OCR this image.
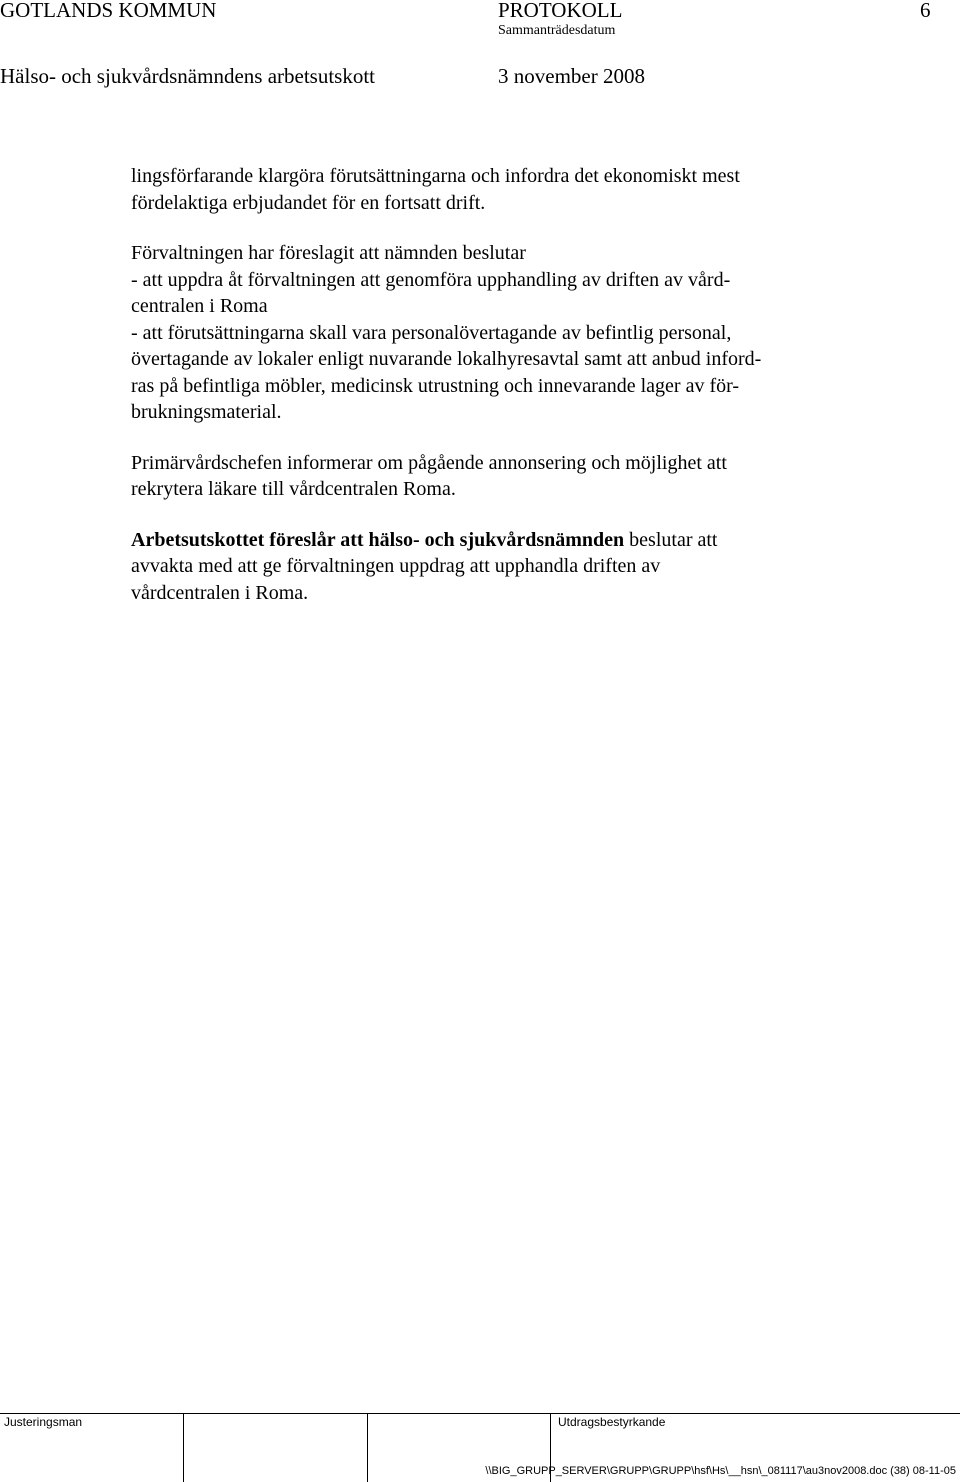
GOTLANDS KOMMUN	PROTOKOLL	6
Sammanträdesdatum
Hälso- och sjukvårdsnämndens arbetsutskott	3 november 2008

lingsförfarande klargöra förutsättningarna och infordra det ekonomiskt mest
fördelaktiga erbjudandet för en fortsatt drift.

Förvaltningen har föreslagit att nämnden beslutar
- att uppdra åt förvaltningen att genomföra upphandling av driften av vård-
centralen i Roma
- att förutsättningarna skall vara personalövertagande av befintlig personal,
övertagande av lokaler enligt nuvarande lokalhyresavtal samt att anbud inford-
ras på befintliga möbler, medicinsk utrustning och innevarande lager av för-
brukningsmaterial.

Primärvårdschefen informerar om pågående annonsering och möjlighet att
rekrytera läkare till vårdcentralen Roma.

Arbetsutskottet föreslår att hälso- och sjukvårdsnämnden beslutar att
avvakta med att ge förvaltningen uppdrag att upphandla driften av
vårdcentralen i Roma.

Justeringsman	Utdragsbestyrkande
\\BIG_GRUPP_SERVER\GRUPP\GRUPP\hsf\Hs\__hsn\_081117\au3nov2008.doc (38) 08-11-05
